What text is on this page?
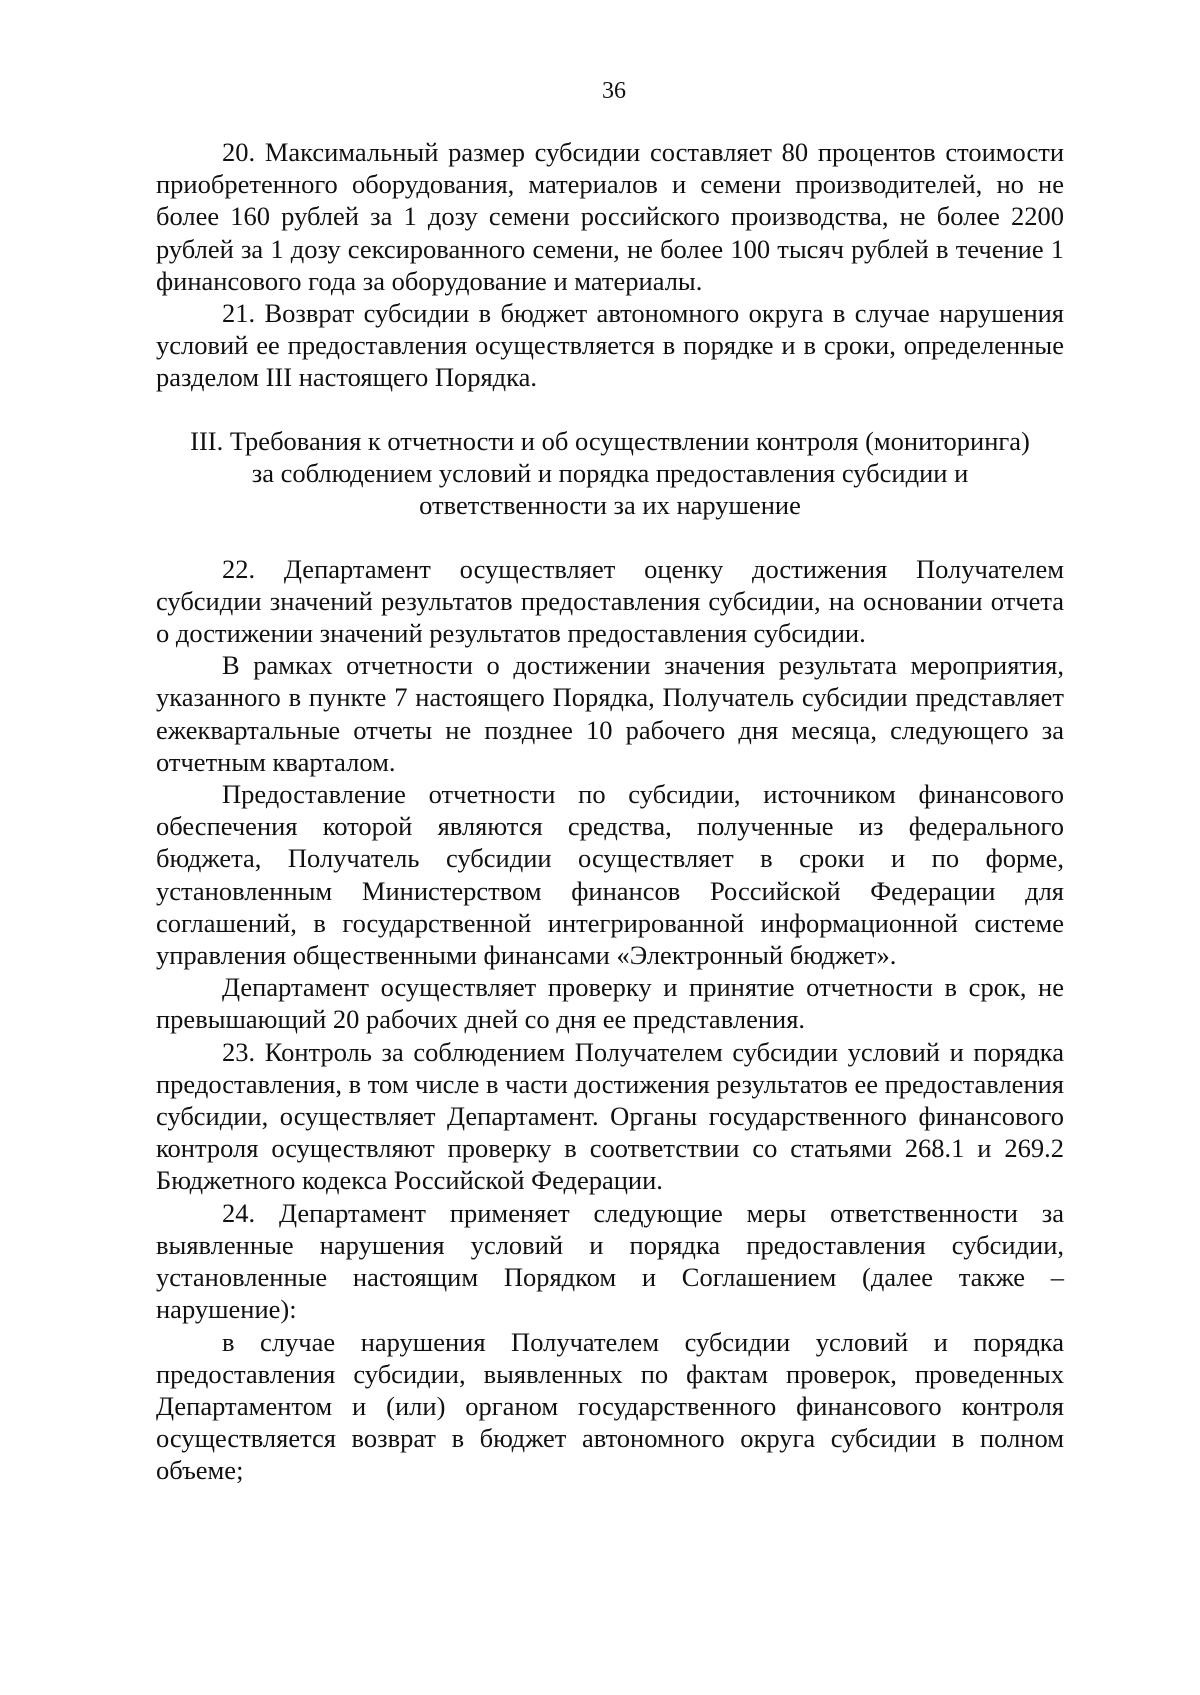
36

20. Максимальный размер субсидии составляет 80 процентов стоимости приобретенного оборудования, материалов и семени производителей, но не более 160 рублей за 1 дозу семени российского производства, не более 2200 рублей за 1 дозу сексированного семени, не более 100 тысяч рублей в течение 1 финансового года за оборудование и материалы.

21. Возврат субсидии в бюджет автономного округа в случае нарушения условий ее предоставления осуществляется в порядке и в сроки, определенные разделом III настоящего Порядка.

III. Требования к отчетности и об осуществлении контроля (мониторинга)
за соблюдением условий и порядка предоставления субсидии и
ответственности за их нарушение

22. Департамент осуществляет оценку достижения Получателем субсидии значений результатов предоставления субсидии, на основании отчета о достижении значений результатов предоставления субсидии.

В рамках отчетности о достижении значения результата мероприятия, указанного в пункте 7 настоящего Порядка, Получатель субсидии представляет ежеквартальные отчеты не позднее 10 рабочего дня месяца, следующего за отчетным кварталом.

Предоставление отчетности по субсидии, источником финансового обеспечения которой являются средства, полученные из федерального бюджета, Получатель субсидии осуществляет в сроки и по форме, установленным Министерством финансов Российской Федерации для соглашений, в государственной интегрированной информационной системе управления общественными финансами «Электронный бюджет».

Департамент осуществляет проверку и принятие отчетности в срок, не превышающий 20 рабочих дней со дня ее представления.

23. Контроль за соблюдением Получателем субсидии условий и порядка предоставления, в том числе в части достижения результатов ее предоставления субсидии, осуществляет Департамент. Органы государственного финансового контроля осуществляют проверку в соответствии со статьями 268.1 и 269.2 Бюджетного кодекса Российской Федерации.

24. Департамент применяет следующие меры ответственности за выявленные нарушения условий и порядка предоставления субсидии, установленные настоящим Порядком и Соглашением (далее также – нарушение):

в случае нарушения Получателем субсидии условий и порядка предоставления субсидии, выявленных по фактам проверок, проведенных Департаментом и (или) органом государственного финансового контроля осуществляется возврат в бюджет автономного округа субсидии в полном объеме;
